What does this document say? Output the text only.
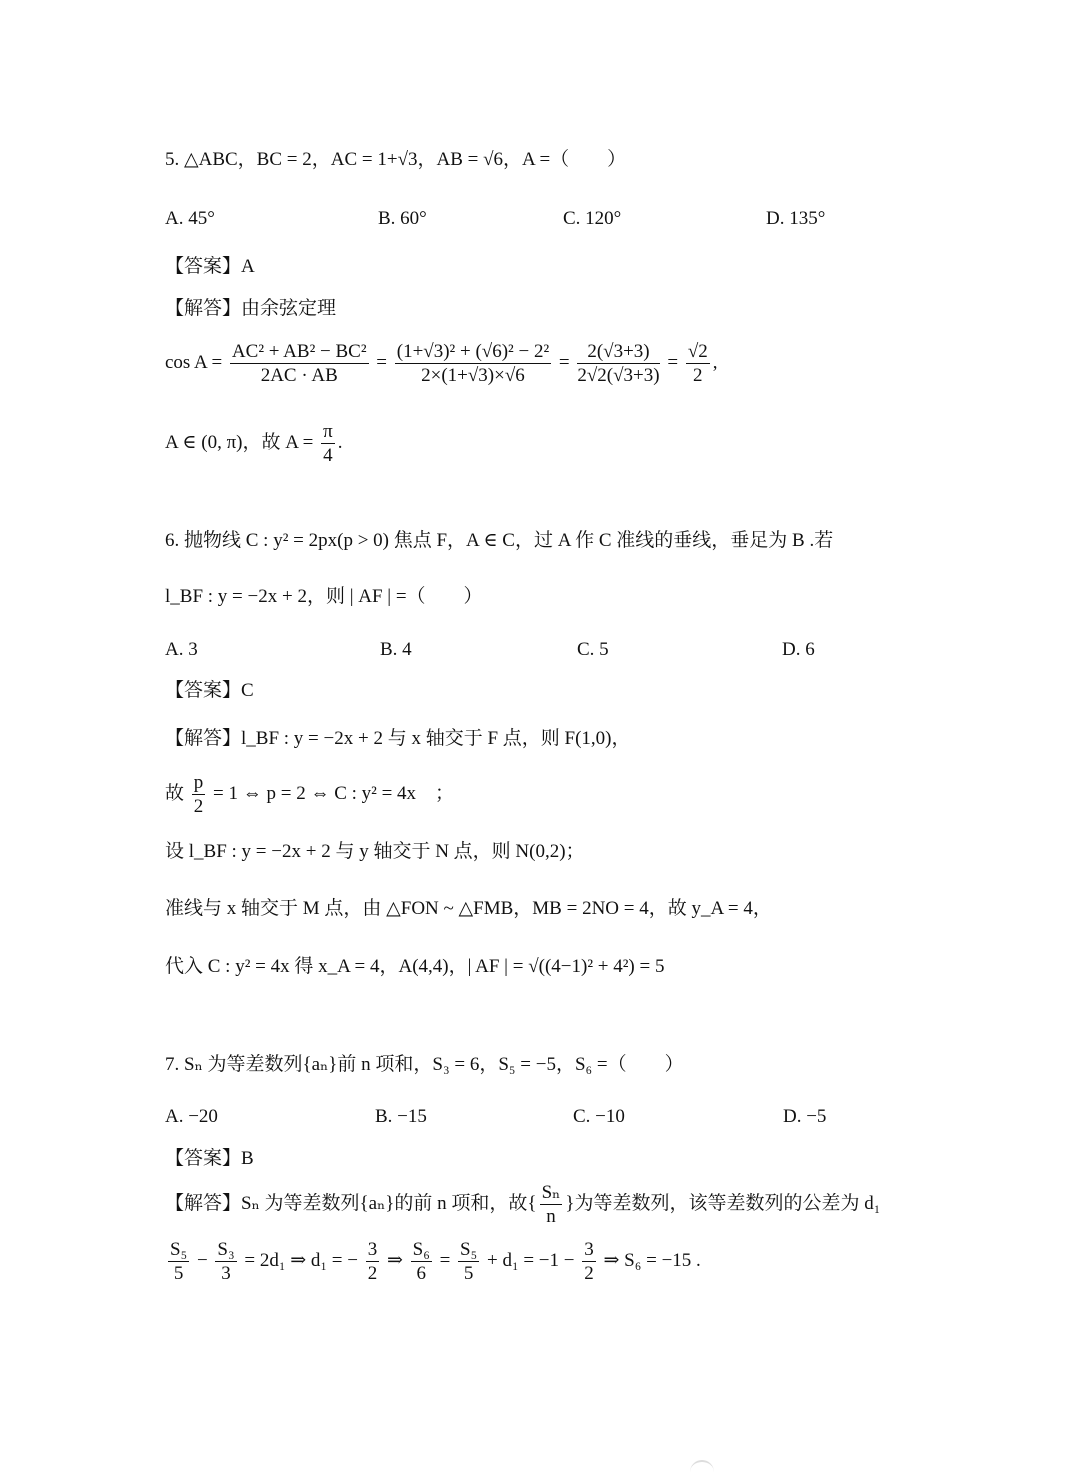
5. △ABC，BC = 2，AC = 1+√3，AB = √6，A =（　　）
A. 45°	B. 60°	C. 120°	D. 135°
【答案】A
【解答】由余弦定理
$\cos A = \frac{\text{AC² + AB² − BC²}}{2AC \cdot AB} = \frac{\text{(1+√3)² + (√6)² − 2²}}{2\times(1+√3)\times√6} = \frac{2(√3+3)}{2√2(√3+3)} = \frac{√2}{2}$ ,
A ∈ (0, π)，故 $A = \frac{\pi}{4}$ .
6. 抛物线 C : y² = 2px(p > 0) 焦点 F，A ∈ C，过 A 作 C 准线的垂线，垂足为 B .若
l_BF : y = −2x + 2，则 | AF | =（　　）
A. 3	B. 4	C. 5	D. 6
【答案】C
【解答】l_BF : y = −2x + 2 与 x 轴交于 F 点，则 F(1,0)，
故 $\frac{p}{2} = 1$ ⇔ p = 2 ⇔ C : y² = 4x　；
设 l_BF : y = −2x + 2 与 y 轴交于 N 点，则 N(0,2)；
准线与 x 轴交于 M 点，由 △FON ~ △FMB，MB = 2NO = 4，故 y_A = 4，
代入 C : y² = 4x 得 x_A = 4，A(4,4)，| AF | = √((4−1)² + 4²) = 5
7. Sₙ 为等差数列{aₙ}前 n 项和，S₃ = 6，S₅ = −5，S₆ =（　　）
A. −20	B. −15	C. −10	D. −5
【答案】B
【解答】Sₙ 为等差数列{aₙ}的前 n 项和，故{ $\frac{\text{Sₙ}}{n}$ }为等差数列，该等差数列的公差为 d₁
$\frac{\text{S₅}}{5} - \frac{\text{S₃}}{3} = 2d_1$ ⇒ d₁ = − $\frac{3}{2}$ ⇒ $\frac{\text{S₆}}{6} = \frac{\text{S₅}}{5} + d_1 = -1 - \frac{3}{2}$ ⇒ S₆ = −15 .
